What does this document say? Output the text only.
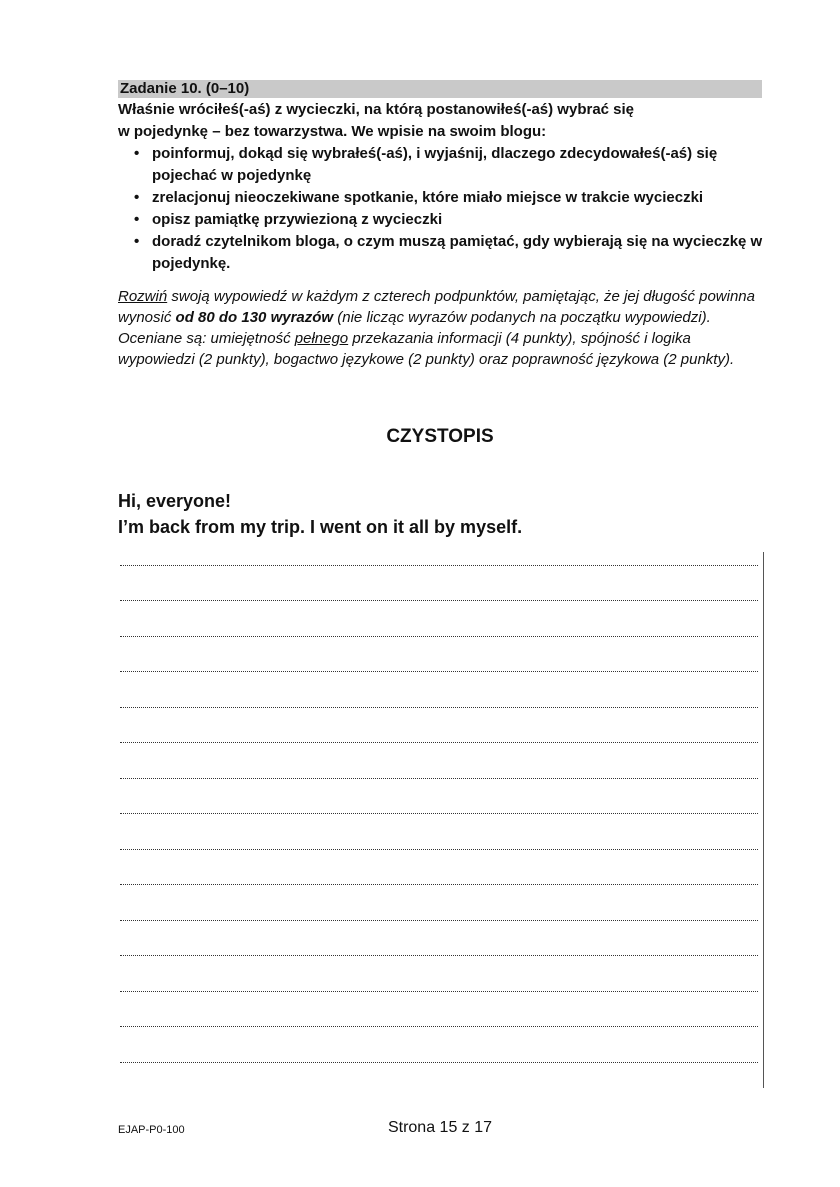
Zadanie 10. (0–10)

Właśnie wróciłeś(-aś) z wycieczki, na którą postanowiłeś(-aś) wybrać się

w pojedynkę – bez towarzystwa. We wpisie na swoim blogu:

• poinformuj, dokąd się wybrałeś(-aś), i wyjaśnij, dlaczego zdecydowałeś(-aś) się pojechać w pojedynkę
• zrelacjonuj nieoczekiwane spotkanie, które miało miejsce w trakcie wycieczki
• opisz pamiątkę przywiezioną z wycieczki
• doradź czytelnikom bloga, o czym muszą pamiętać, gdy wybierają się na wycieczkę w pojedynkę.
Rozwiń swoją wypowiedź w każdym z czterech podpunktów, pamiętając, że jej długość powinna wynosić od 80 do 130 wyrazów (nie licząc wyrazów podanych na początku wypowiedzi). Oceniane są: umiejętność pełnego przekazania informacji (4 punkty), spójność i logika wypowiedzi (2 punkty), bogactwo językowe (2 punkty) oraz poprawność językowa (2 punkty).
CZYSTOPIS

Hi, everyone!

I’m back from my trip. I went on it all by myself.

EJAP-P0-100	Strona 15 z 17
